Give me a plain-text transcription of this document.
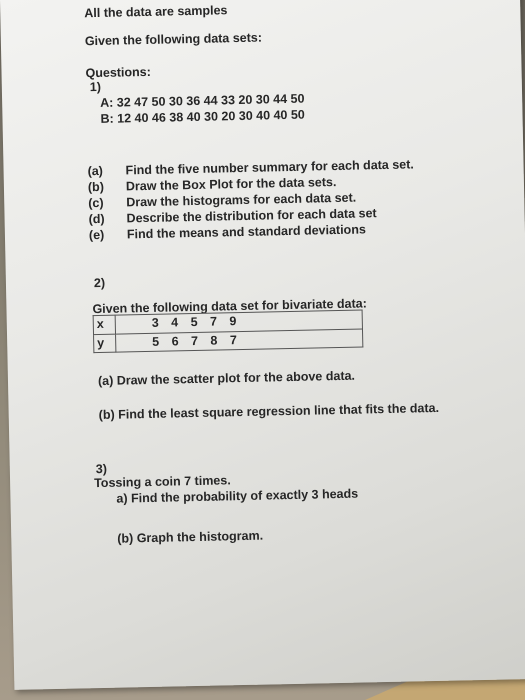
All the data are samples
Given the following data sets:
Questions:
1)
A: 32 47 50 30 36 44 33 20 30 44 50
B: 12 40 46 38 40 30 20 30 40 40 50
(a) Find the five number summary for each data set.
(b) Draw the Box Plot for the data sets.
(c) Draw the histograms for each data set.
(d) Describe the distribution for each data set
(e) Find the means and standard deviations
2)
Given the following data set for bivariate data:
x	3 4 5 7 9
y	5 6 7 8 7
(a) Draw the scatter plot for the above data.
(b) Find the least square regression line that fits the data.
3)
Tossing a coin 7 times.
a) Find the probability of exactly 3 heads
(b) Graph the histogram.
